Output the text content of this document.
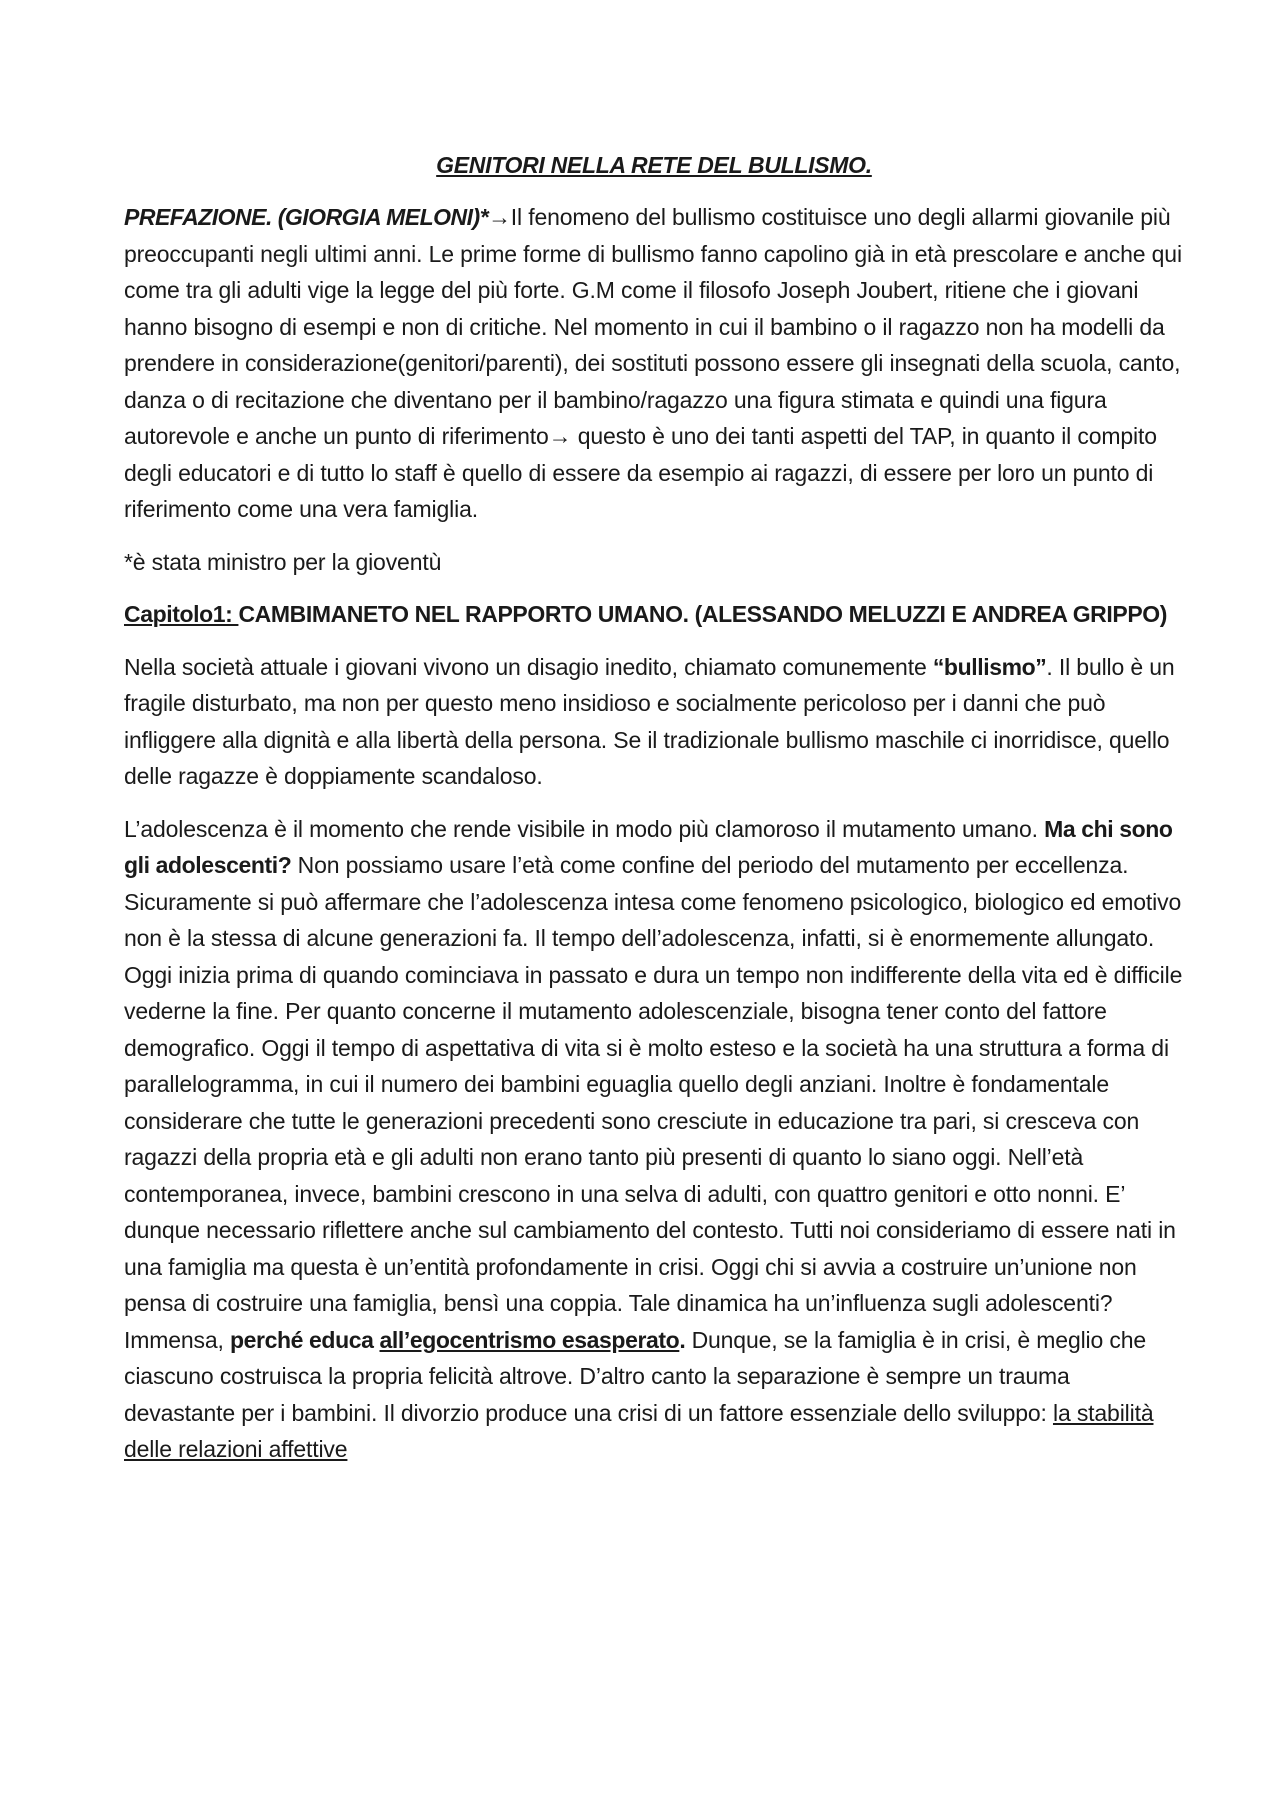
GENITORI NELLA RETE DEL BULLISMO.

PREFAZIONE. (GIORGIA MELONI)*→Il fenomeno del bullismo costituisce uno degli allarmi giovanile più preoccupanti negli ultimi anni. Le prime forme di bullismo fanno capolino già in età prescolare e anche qui come tra gli adulti vige la legge del più forte. G.M come il filosofo Joseph Joubert, ritiene che i giovani hanno bisogno di esempi e non di critiche. Nel momento in cui il bambino o il ragazzo non ha modelli da prendere in considerazione(genitori/parenti), dei sostituti possono essere gli insegnati della scuola, canto, danza o di recitazione che diventano per il bambino/ragazzo una figura stimata e quindi una figura autorevole e anche un punto di riferimento→ questo è uno dei tanti aspetti del TAP, in quanto il compito degli educatori e di tutto lo staff è quello di essere da esempio ai ragazzi, di essere per loro un punto di riferimento come una vera famiglia.

*è stata ministro per la gioventù

Capitolo1: CAMBIMANETO NEL RAPPORTO UMANO. (ALESSANDO MELUZZI E ANDREA GRIPPO)

Nella società attuale i giovani vivono un disagio inedito, chiamato comunemente “bullismo”. Il bullo è un fragile disturbato, ma non per questo meno insidioso e socialmente pericoloso per i danni che può infliggere alla dignità e alla libertà della persona. Se il tradizionale bullismo maschile ci inorridisce, quello delle ragazze è doppiamente scandaloso.

L’adolescenza è il momento che rende visibile in modo più clamoroso il mutamento umano. Ma chi sono gli adolescenti? Non possiamo usare l’età come confine del periodo del mutamento per eccellenza. Sicuramente si può affermare che l’adolescenza intesa come fenomeno psicologico, biologico ed emotivo non è la stessa di alcune generazioni fa. Il tempo dell’adolescenza, infatti, si è enormemente allungato. Oggi inizia prima di quando cominciava in passato e dura un tempo non indifferente della vita ed è difficile vederne la fine. Per quanto concerne il mutamento adolescenziale, bisogna tener conto del fattore demografico. Oggi il tempo di aspettativa di vita si è molto esteso e la società ha una struttura a forma di parallelogramma, in cui il numero dei bambini eguaglia quello degli anziani. Inoltre è fondamentale considerare che tutte le generazioni precedenti sono cresciute in educazione tra pari, si cresceva con ragazzi della propria età e gli adulti non erano tanto più presenti di quanto lo siano oggi. Nell’età contemporanea, invece, bambini crescono in una selva di adulti, con quattro genitori e otto nonni. E’ dunque necessario riflettere anche sul cambiamento del contesto. Tutti noi consideriamo di essere nati in una famiglia ma questa è un’entità profondamente in crisi. Oggi chi si avvia a costruire un’unione non pensa di costruire una famiglia, bensì una coppia. Tale dinamica ha un’influenza sugli adolescenti? Immensa, perché educa all’egocentrismo esasperato. Dunque, se la famiglia è in crisi, è meglio che ciascuno costruisca la propria felicità altrove. D’altro canto la separazione è sempre un trauma devastante per i bambini. Il divorzio produce una crisi di un fattore essenziale dello sviluppo: la stabilità delle relazioni affettive
